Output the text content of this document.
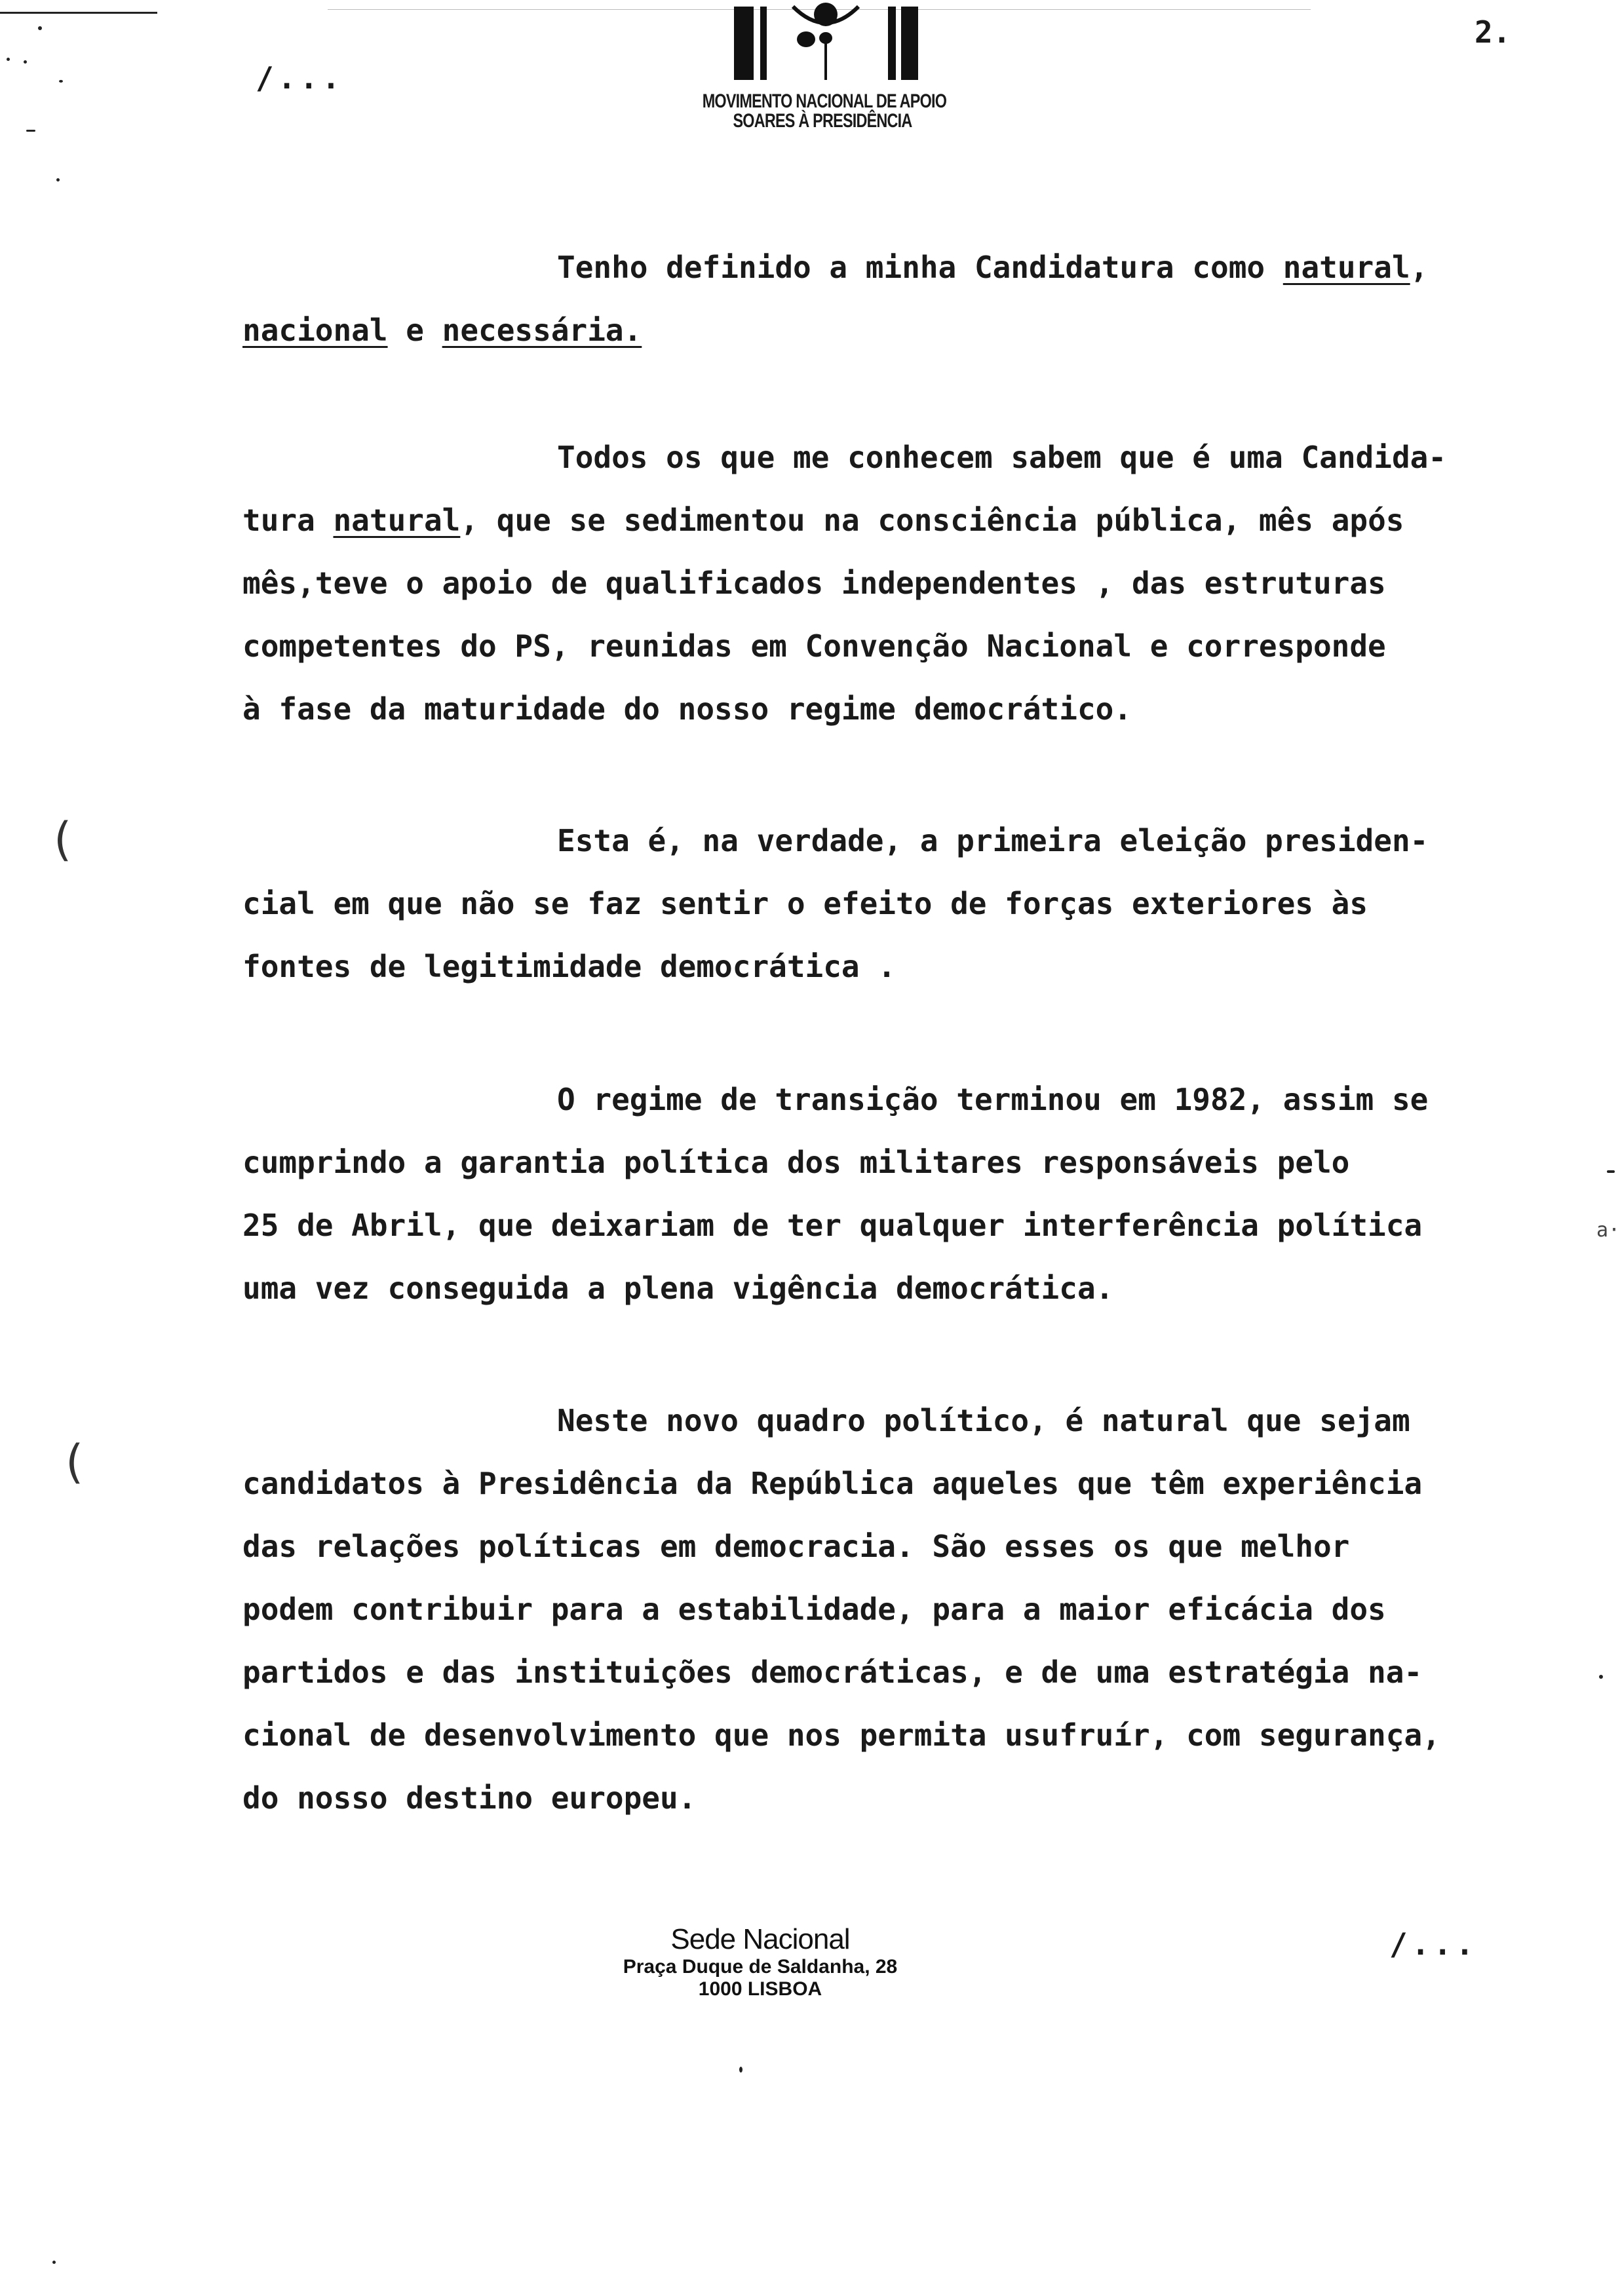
/...
2.
MOVIMENTO NACIONAL DE APOIO
SOARES À PRESIDÊNCIA
Tenho definido a minha Candidatura como natural,
nacional e necessária.
Todos os que me conhecem sabem que é uma Candida-
tura natural, que se sedimentou na consciência pública, mês após
mês,teve o apoio de qualificados independentes , das estruturas
competentes do PS, reunidas em Convenção Nacional e corresponde
à fase da maturidade do nosso regime democrático.
Esta é, na verdade, a primeira eleição presiden-
cial em que não se faz sentir o efeito de forças exteriores às
fontes de legitimidade democrática .
O regime de transição terminou em 1982, assim se
cumprindo a garantia política dos militares responsáveis pelo
25 de Abril, que deixariam de ter qualquer interferência política
uma vez conseguida a plena vigência democrática.
Neste novo quadro político, é natural que sejam
candidatos à Presidência da República aqueles que têm experiência
das relações políticas em democracia. São esses os que melhor
podem contribuir para a estabilidade, para a maior eficácia dos
partidos e das instituições democráticas, e de uma estratégia na-
cional de desenvolvimento que nos permita usufruír, com segurança,
do nosso destino europeu.
(
(
a·
Sede Nacional
Praça Duque de Saldanha, 28
1000 LISBOA
/...
